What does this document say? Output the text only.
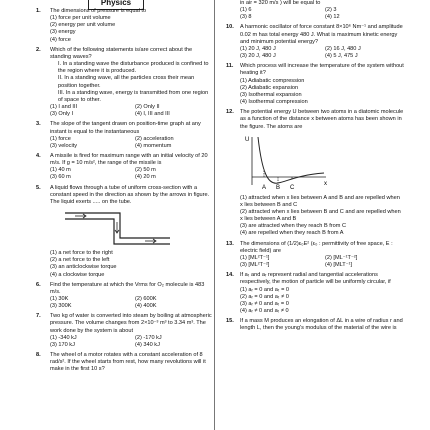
Physics
1. The dimensions of pressure is equal to
(1) force per unit volume
(2) energy per unit volume
(3) energy
(4) force
2. Which of the following statements is/are correct about the standing waves?
I. In a standing wave the disturbance produced is confined to the region where it is produced.
II. In a standing wave, all the particles cross their mean position together.
III. In a standing wave, energy is transmitted from one region of space to other.
(1) I and III	(2) Only II
(3) Only I	(4) I, III and III
3. The slope of the tangent drawn on position-time graph at any instant is equal to the instantaneous
(1) force	(2) acceleration
(3) velocity	(4) momentum
4. A missile is fired for maximum range with an initial velocity of 20 m/s. If g = 10 m/s², the range of the missile is
(1) 40 m	(2) 50 m
(3) 60 m	(4) 20 m
5. A liquid flows through a tube of uniform cross-section with a constant speed in the direction as shown by the arrows in figure. The liquid exerts ..... on the tube.
(1) a net force to the right
(2) a net force to the left
(3) an anticlockwise torque
(4) a clockwise torque
6. Find the temperature at which the Vrms for O₂ molecule is 483 m/s.
(1) 30K	(2) 600K
(3) 300K	(4) 400K
7. Two kg of water is converted into steam by boiling at atmospheric pressure. The volume changes from 2×10⁻³ m³ to 3.34 m³. The work done by the system is about
(1) -340 kJ	(2) -170 kJ
(3) 170 kJ	(4) 340 kJ
8. The wheel of a motor rotates with a constant acceleration of 8 rad/s². If the wheel starts from rest, how many revolutions will it make in the first 10 s?
in air = 320 m/s ) will be equal to
(1) 6	(2) 3
(3) 8	(4) 12
10. A harmonic oscillator of force constant 8×10⁶ Nm⁻¹ and amplitude 0.02 m has total energy 480 J. What is maximum kinetic energy and minimum potential energy?
(1) 20 J, 480 J	(2) 16 J, 480 J
(3) 20 J, 480 J	(4) 5 J, 475 J
11. Which process will increase the temperature of the system without heating it?
(1) Adiabatic compression
(2) Adiabatic expansion
(3) Isothermal expansion
(4) Isothermal compression
12. The potential energy U between two atoms in a diatomic molecule as a function of the distance x between atoms has been shown in the figure. The atoms are
U
x
A B C
(1) attracted when x lies between A and B and are repelled when x lies between B and C
(2) attracted when x lies between B and C and are repelled when x lies between A and B
(3) are attracted when they reach B from C
(4) are repelled when they reach B from A
13. The dimensions of (1/2)ε₀E² (ε₀ : permittivity of free space, E : electric field) are
(1) [ML²T⁻¹]	(2) [ML⁻¹T⁻²]
(3) [ML²T⁻²]	(4) [MLT⁻¹]
14. If aₜ and aᵣ represent radial and tangential accelerations respectively, the motion of particle will be uniformly circular, if
(1) aᵣ = 0 and aₜ = 0
(2) aᵣ = 0 and aₜ ≠ 0
(3) aᵣ ≠ 0 and aₜ = 0
(4) aᵣ ≠ 0 and aₜ ≠ 0
15. If a mass M produces an elongation of ΔL in a wire of radius r and length L, then the young's modulus of the material of the wire is
